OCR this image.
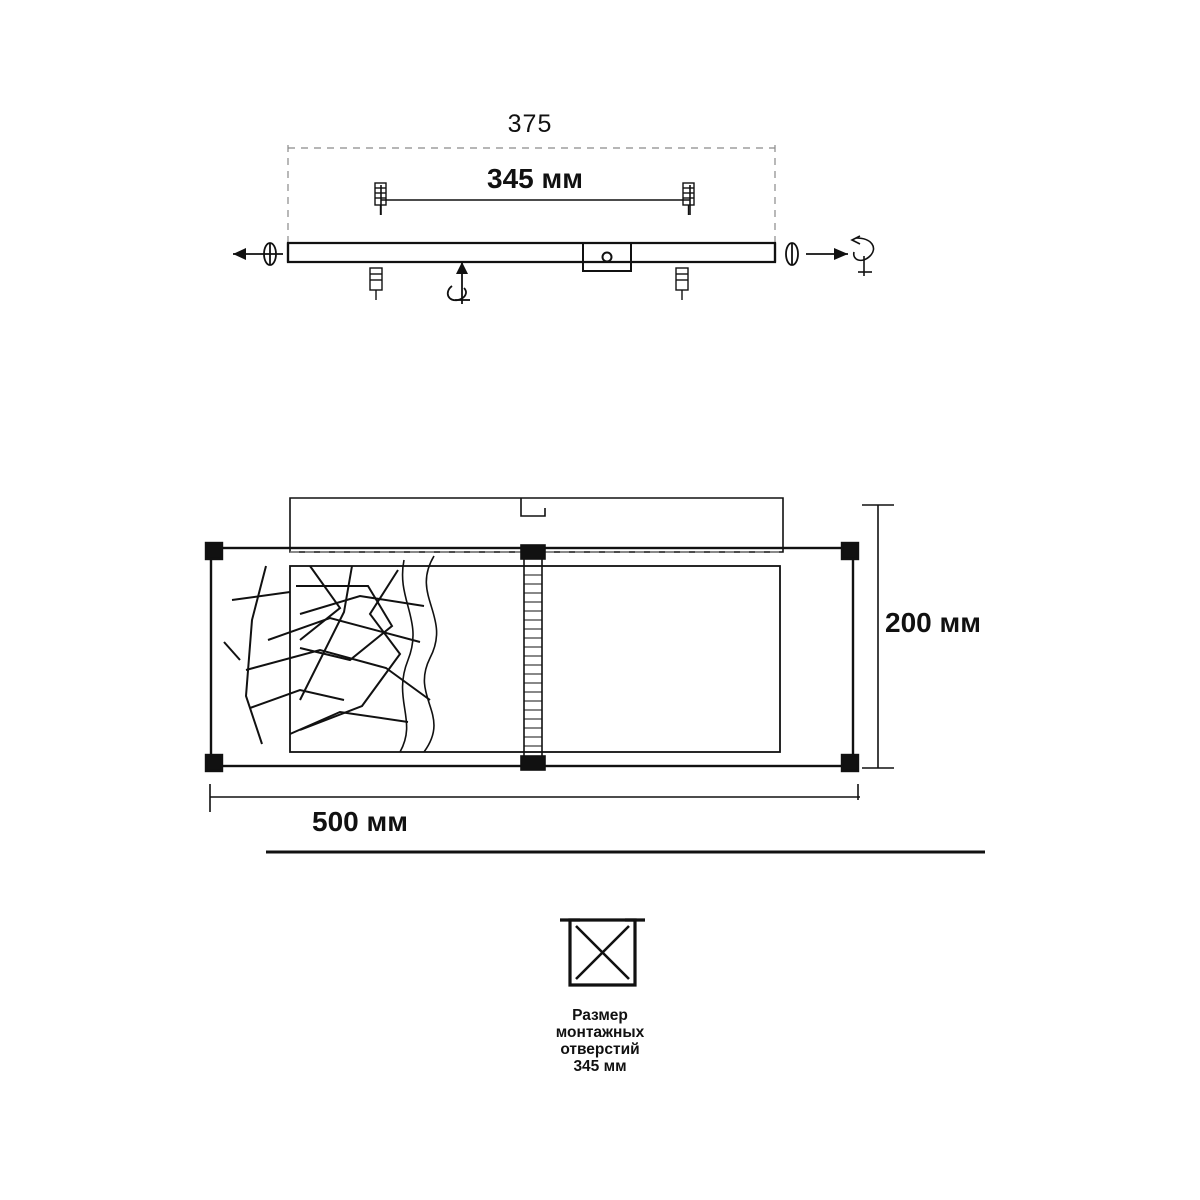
375
345 мм
200 мм
500 мм
Размер
монтажных
отверстий
345 мм
